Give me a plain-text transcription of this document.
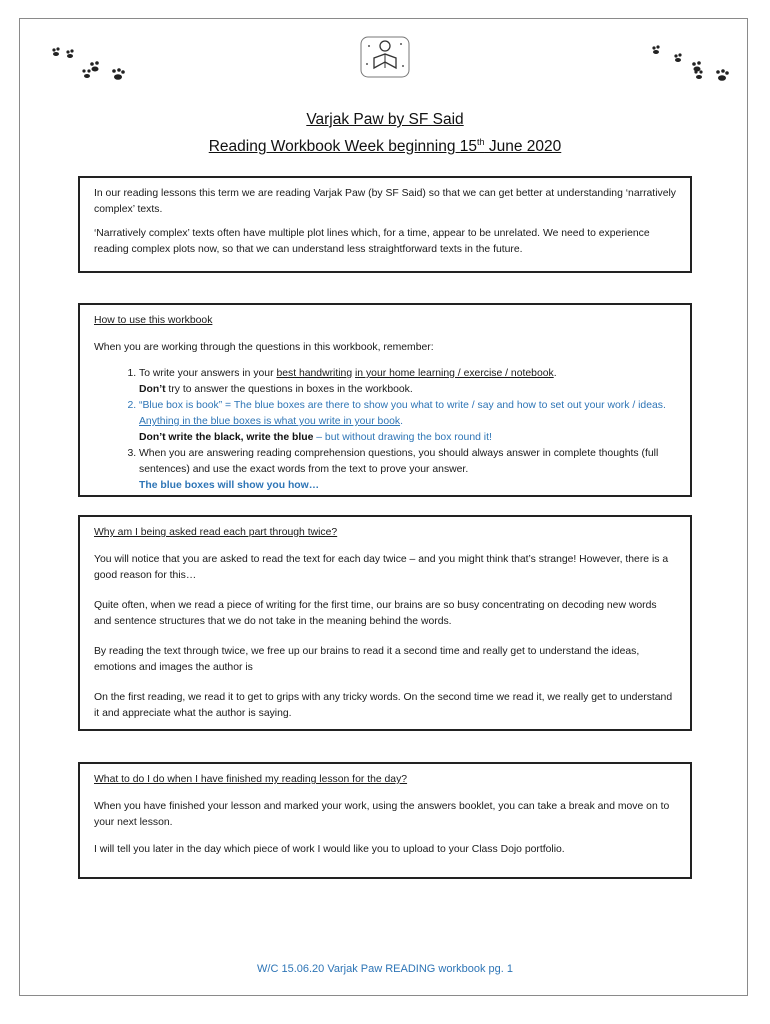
Varjak Paw by SF Said
Reading Workbook Week beginning 15th June 2020

In our reading lessons this term we are reading Varjak Paw (by SF Said) so that we can get better at understanding ‘narratively complex’ texts.

‘Narratively complex’ texts often have multiple plot lines which, for a time, appear to be unrelated. We need to experience reading complex plots now, so that we can understand less straightforward texts in the future.

How to use this workbook

When you are working through the questions in this workbook, remember:

1. To write your answers in your best handwriting in your home learning / exercise / notebook.
Don’t try to answer the questions in boxes in the workbook.
2. “Blue box is book” = The blue boxes are there to show you what to write / say and how to set out your work / ideas. Anything in the blue boxes is what you write in your book.
Don’t write the black, write the blue – but without drawing the box round it!
3. When you are answering reading comprehension questions, you should always answer in complete thoughts (full sentences) and use the exact words from the text to prove your answer.
The blue boxes will show you how…

Why am I being asked read each part through twice?

You will notice that you are asked to read the text for each day twice – and you might think that’s strange! However, there is a good reason for this…

Quite often, when we read a piece of writing for the first time, our brains are so busy concentrating on decoding new words and sentence structures that we do not take in the meaning behind the words.

By reading the text through twice, we free up our brains to read it a second time and really get to understand the ideas, emotions and images the author is

On the first reading, we read it to get to grips with any tricky words. On the second time we read it, we really get to understand it and appreciate what the author is saying.

What to do I do when I have finished my reading lesson for the day?

When you have finished your lesson and marked your work, using the answers booklet, you can take a break and move on to your next lesson.

I will tell you later in the day which piece of work I would like you to upload to your Class Dojo portfolio.

W/C 15.06.20 Varjak Paw READING workbook pg. 1
